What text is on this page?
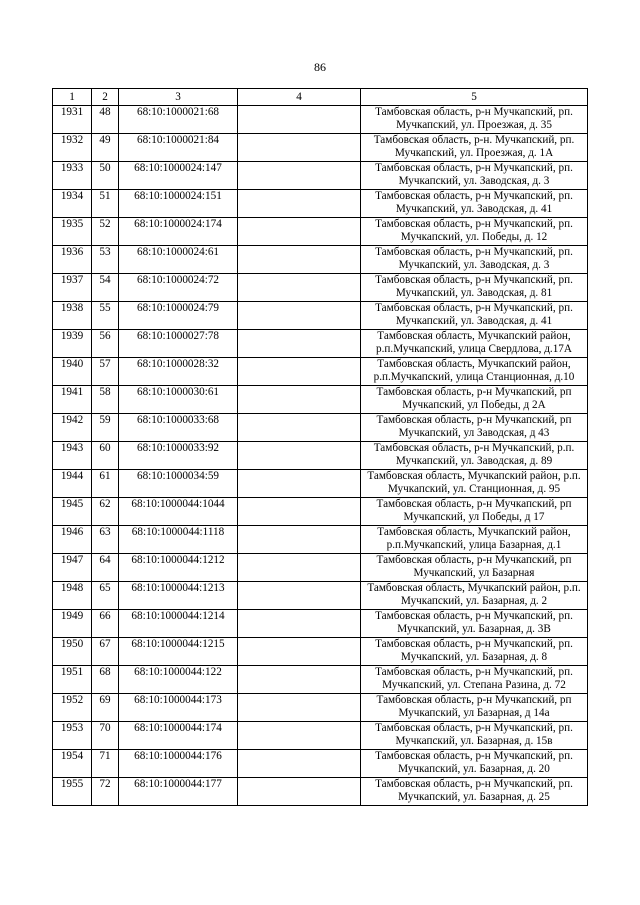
86
1	2	3	4	5
1931	48	68:10:1000021:68		Тамбовская область, р-н Мучкапский, рп. Мучкапский, ул. Проезжая, д. 35
1932	49	68:10:1000021:84		Тамбовская область, р-н. Мучкапский, рп. Мучкапский, ул. Проезжая, д. 1А
1933	50	68:10:1000024:147		Тамбовская область, р-н Мучкапский, рп. Мучкапский, ул. Заводская, д. 3
1934	51	68:10:1000024:151		Тамбовская область, р-н Мучкапский, рп. Мучкапский, ул. Заводская, д. 41
1935	52	68:10:1000024:174		Тамбовская область, р-н Мучкапский, рп. Мучкапский, ул. Победы, д. 12
1936	53	68:10:1000024:61		Тамбовская область, р-н Мучкапский, рп. Мучкапский, ул. Заводская, д. 3
1937	54	68:10:1000024:72		Тамбовская область, р-н Мучкапский, рп. Мучкапский, ул. Заводская, д. 81
1938	55	68:10:1000024:79		Тамбовская область, р-н Мучкапский, рп. Мучкапский, ул. Заводская, д. 41
1939	56	68:10:1000027:78		Тамбовская область, Мучкапский район, р.п.Мучкапский, улица Свердлова, д.17А
1940	57	68:10:1000028:32		Тамбовская область, Мучкапский район, р.п.Мучкапский, улица Станционная, д.10
1941	58	68:10:1000030:61		Тамбовская область, р-н Мучкапский, рп Мучкапский, ул Победы, д 2А
1942	59	68:10:1000033:68		Тамбовская область, р-н Мучкапский, рп Мучкапский, ул Заводская, д 43
1943	60	68:10:1000033:92		Тамбовская область, р-н Мучкапский, р.п. Мучкапский, ул. Заводская, д. 89
1944	61	68:10:1000034:59		Тамбовская область, Мучкапский район, р.п. Мучкапский, ул. Станционная, д. 95
1945	62	68:10:1000044:1044		Тамбовская область, р-н Мучкапский, рп Мучкапский, ул Победы, д 17
1946	63	68:10:1000044:1118		Тамбовская область, Мучкапский район, р.п.Мучкапский, улица Базарная, д.1
1947	64	68:10:1000044:1212		Тамбовская область, р-н Мучкапский, рп Мучкапский, ул Базарная
1948	65	68:10:1000044:1213		Тамбовская область, Мучкапский район, р.п. Мучкапский, ул. Базарная, д. 2
1949	66	68:10:1000044:1214		Тамбовская область, р-н Мучкапский, рп. Мучкапский, ул. Базарная, д. 3В
1950	67	68:10:1000044:1215		Тамбовская область, р-н Мучкапский, рп. Мучкапский, ул. Базарная, д. 8
1951	68	68:10:1000044:122		Тамбовская область, р-н Мучкапский, рп. Мучкапский, ул. Степана Разина, д. 72
1952	69	68:10:1000044:173		Тамбовская область, р-н Мучкапский, рп Мучкапский, ул Базарная, д 14а
1953	70	68:10:1000044:174		Тамбовская область, р-н Мучкапский, рп. Мучкапский, ул. Базарная, д. 15в
1954	71	68:10:1000044:176		Тамбовская область, р-н Мучкапский, рп. Мучкапский, ул. Базарная, д. 20
1955	72	68:10:1000044:177		Тамбовская область, р-н Мучкапский, рп. Мучкапский, ул. Базарная, д. 25
